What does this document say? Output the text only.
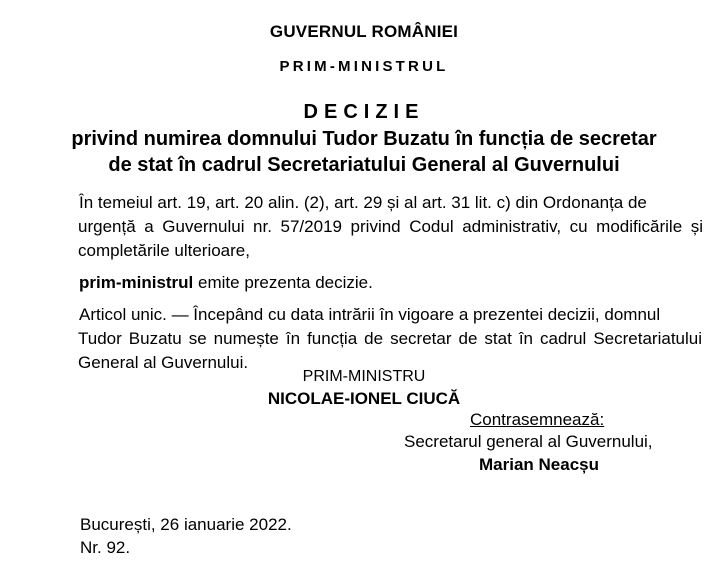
GUVERNUL ROMÂNIEI
PRIM-MINISTRUL
DECIZIE
privind numirea domnului Tudor Buzatu în funcția de secretar
de stat în cadrul Secretariatului General al Guvernului
În temeiul art. 19, art. 20 alin. (2), art. 29 și al art. 31 lit. c) din Ordonanța de
urgență a Guvernului nr. 57/2019 privind Codul administrativ, cu modificările și completările ulterioare,
prim-ministrul emite prezenta decizie.
Articol unic. — Începând cu data intrării în vigoare a prezentei decizii, domnul
Tudor Buzatu se numește în funcția de secretar de stat în cadrul Secretariatului General al Guvernului.
PRIM-MINISTRU
NICOLAE-IONEL CIUCĂ
Contrasemnează:
Secretarul general al Guvernului,
Marian Neacșu
București, 26 ianuarie 2022.
Nr. 92.
